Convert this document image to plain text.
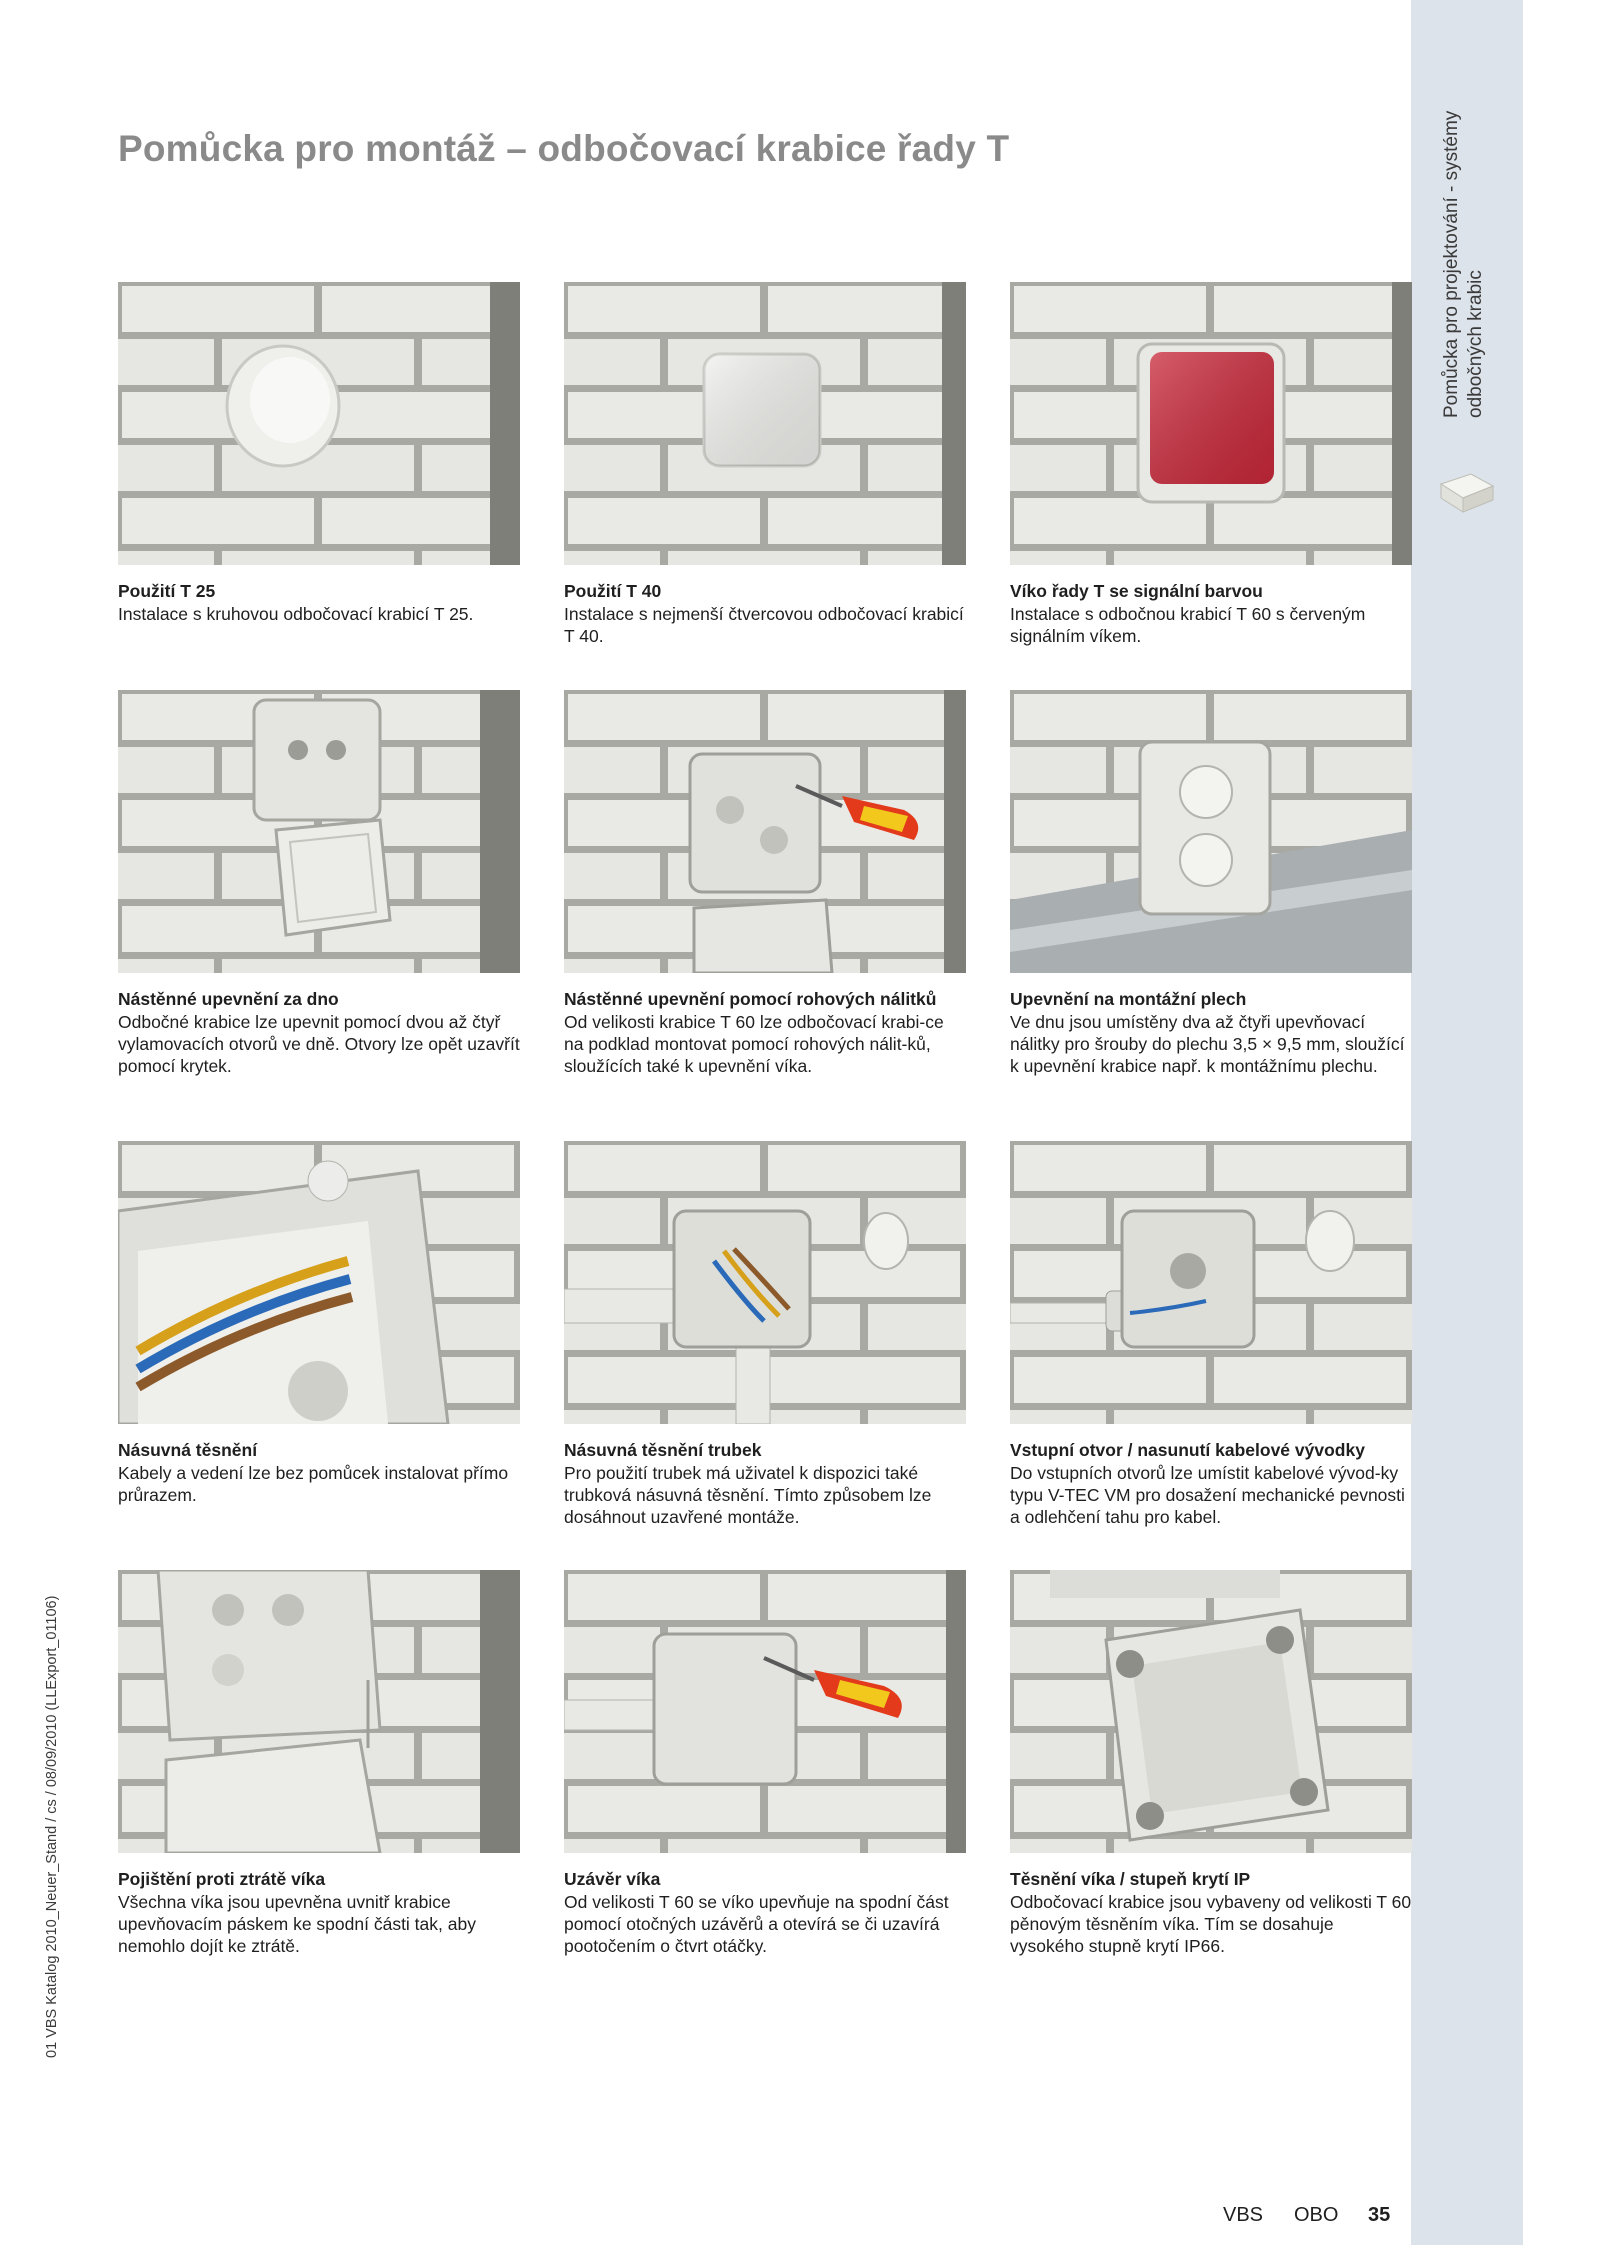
Pomůcka pro montáž – odbočovací krabice řady T	Pomůcka pro projektování - systémy odbočných krabic
01 VBS Katalog 2010_Neuer_Stand / cs / 08/09/2010 (LLExport_01106)
Použití T 25
Instalace s kruhovou odbočovací krabicí T 25.
Použití T 40
Instalace s nejmenší čtvercovou odbočovací krabicí T 40.
Víko řady T se signální barvou
Instalace s odbočnou krabicí T 60 s červeným signálním víkem.
Nástěnné upevnění za dno
Odbočné krabice lze upevnit pomocí dvou až čtyř vylamovacích otvorů ve dně. Otvory lze opět uzavřít pomocí krytek.
Nástěnné upevnění pomocí rohových nálitků
Od velikosti krabice T 60 lze odbočovací krabi-ce na podklad montovat pomocí rohových nálit-ků, sloužících také k upevnění víka.
Upevnění na montážní plech
Ve dnu jsou umístěny dva až čtyři upevňovací nálitky pro šrouby do plechu 3,5 × 9,5 mm, sloužící k upevnění krabice např. k montážnímu plechu.
Násuvná těsnění
Kabely a vedení lze bez pomůcek instalovat přímo průrazem.
Násuvná těsnění trubek
Pro použití trubek má uživatel k dispozici také trubková násuvná těsnění. Tímto způsobem lze dosáhnout uzavřené montáže.
Vstupní otvor / nasunutí kabelové vývodky
Do vstupních otvorů lze umístit kabelové vývod-ky typu V-TEC VM pro dosažení mechanické pevnosti a odlehčení tahu pro kabel.
Pojištění proti ztrátě víka
Všechna víka jsou upevněna uvnitř krabice upevňovacím páskem ke spodní části tak, aby nemohlo dojít ke ztrátě.
Uzávěr víka
Od velikosti T 60 se víko upevňuje na spodní část pomocí otočných uzávěrů a otevírá se či uzavírá pootočením o čtvrt otáčky.
Těsnění víka / stupeň krytí IP
Odbočovací krabice jsou vybaveny od velikosti T 60 pěnovým těsněním víka. Tím se dosahuje vysokého stupně krytí IP66.
VBS OBO 35
